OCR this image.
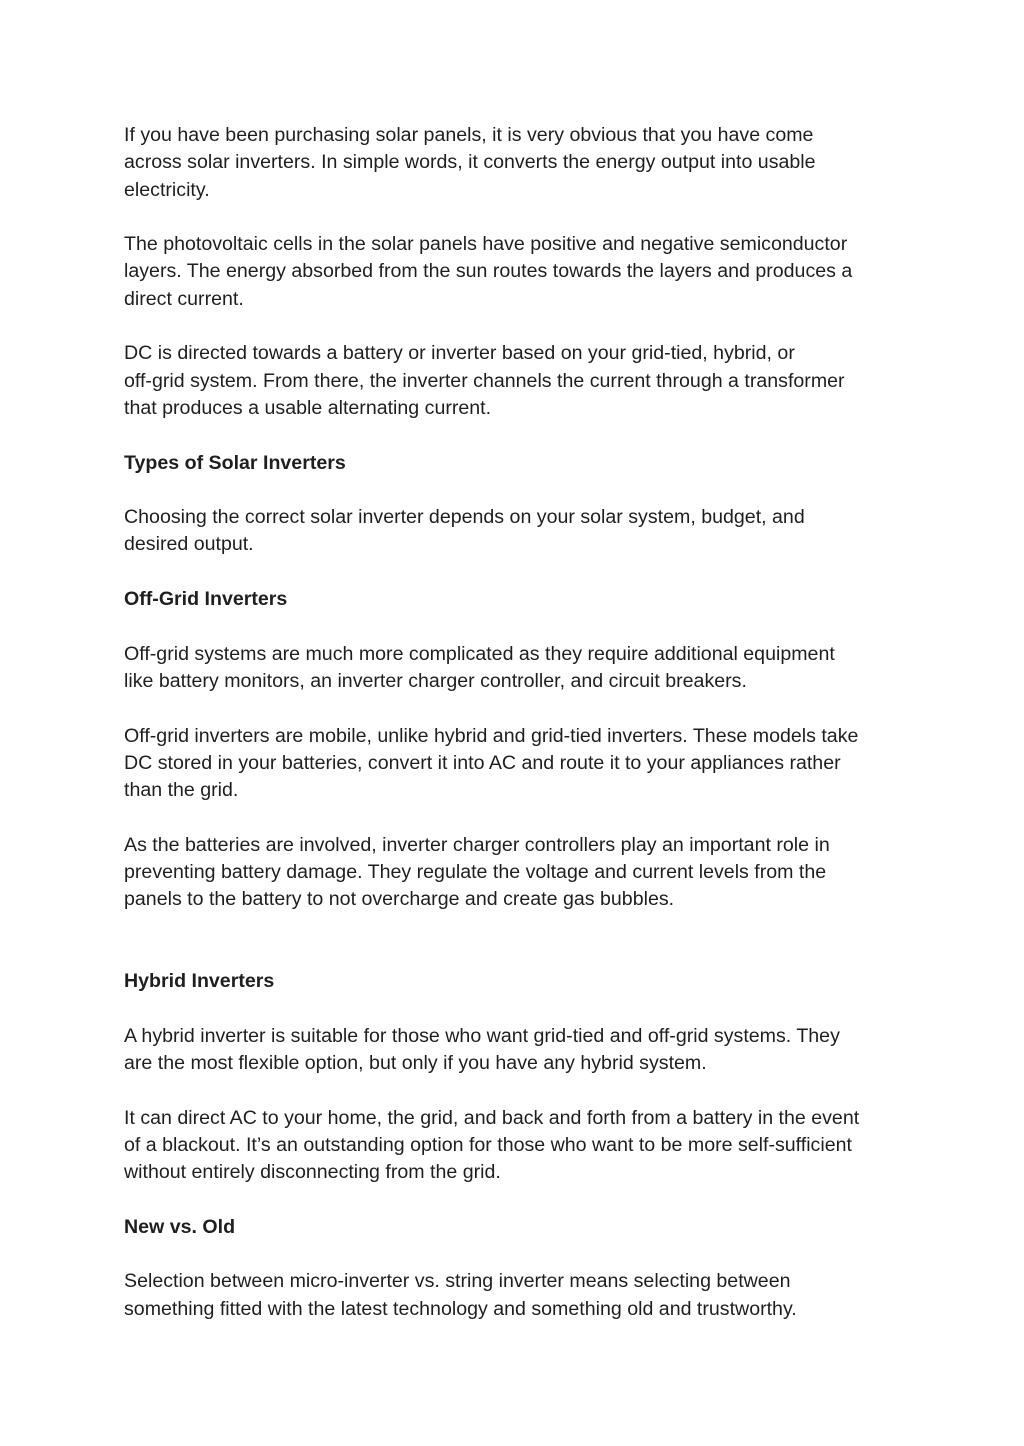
If you have been purchasing solar panels, it is very obvious that you have come
across solar inverters. In simple words, it converts the energy output into usable
electricity.

The photovoltaic cells in the solar panels have positive and negative semiconductor
layers. The energy absorbed from the sun routes towards the layers and produces a
direct current.

DC is directed towards a battery or inverter based on your grid-tied, hybrid, or
off-grid system. From there, the inverter channels the current through a transformer
that produces a usable alternating current.

Types of Solar Inverters

Choosing the correct solar inverter depends on your solar system, budget, and
desired output.

Off-Grid Inverters

Off-grid systems are much more complicated as they require additional equipment
like battery monitors, an inverter charger controller, and circuit breakers.

Off-grid inverters are mobile, unlike hybrid and grid-tied inverters. These models take
DC stored in your batteries, convert it into AC and route it to your appliances rather
than the grid.

As the batteries are involved, inverter charger controllers play an important role in
preventing battery damage. They regulate the voltage and current levels from the
panels to the battery to not overcharge and create gas bubbles.

Hybrid Inverters

A hybrid inverter is suitable for those who want grid-tied and off-grid systems. They
are the most flexible option, but only if you have any hybrid system.

It can direct AC to your home, the grid, and back and forth from a battery in the event
of a blackout. It’s an outstanding option for those who want to be more self-sufficient
without entirely disconnecting from the grid.

New vs. Old

Selection between micro-inverter vs. string inverter means selecting between
something fitted with the latest technology and something old and trustworthy.
